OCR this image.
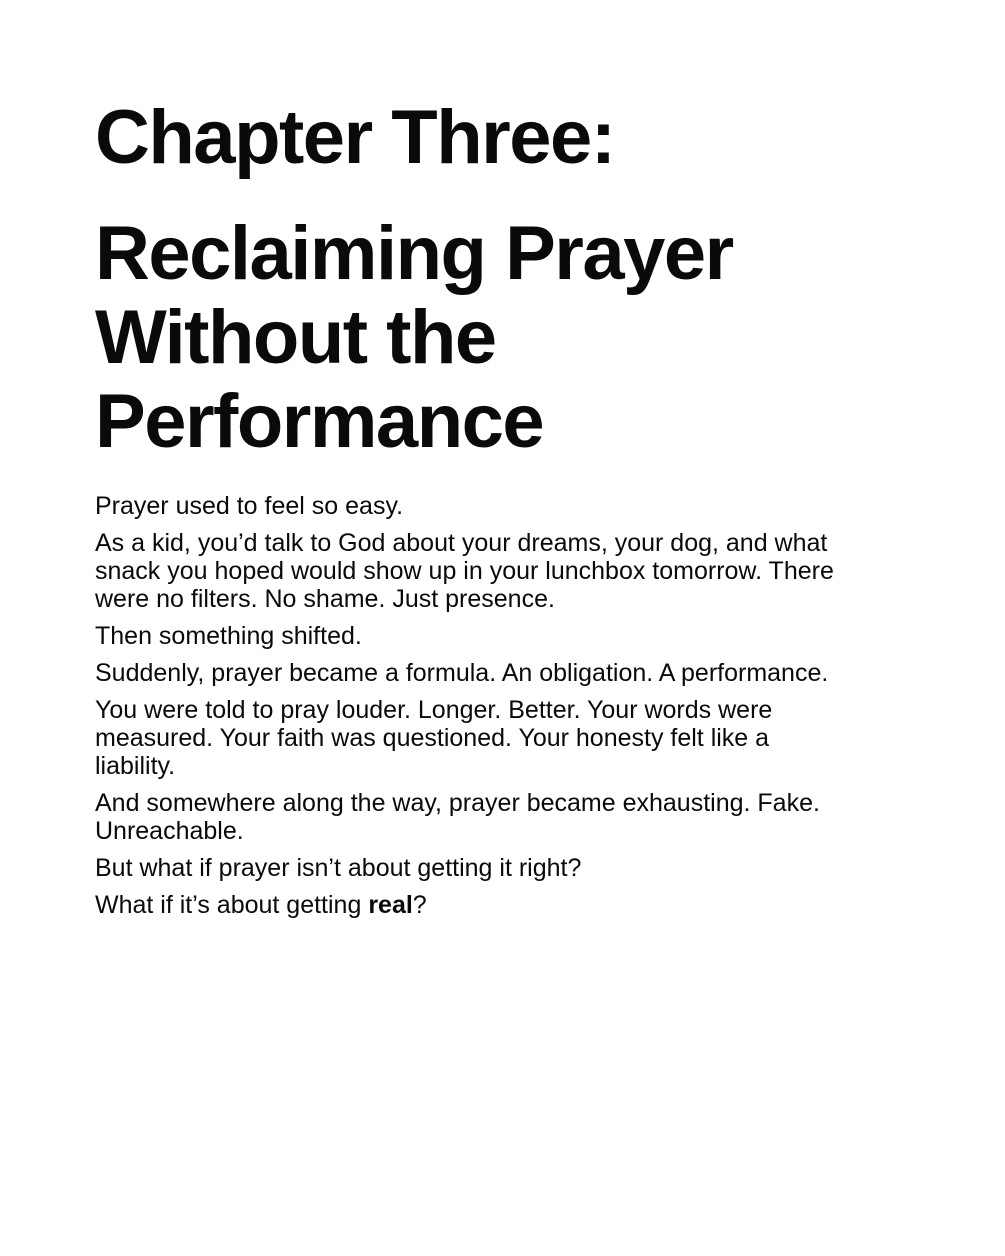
Chapter Three:
Reclaiming Prayer
Without the
Performance

Prayer used to feel so easy.

As a kid, you’d talk to God about your dreams, your dog, and what
snack you hoped would show up in your lunchbox tomorrow. There
were no filters. No shame. Just presence.

Then something shifted.

Suddenly, prayer became a formula. An obligation. A performance.

You were told to pray louder. Longer. Better. Your words were
measured. Your faith was questioned. Your honesty felt like a
liability.

And somewhere along the way, prayer became exhausting. Fake.
Unreachable.

But what if prayer isn’t about getting it right?

What if it’s about getting real?
